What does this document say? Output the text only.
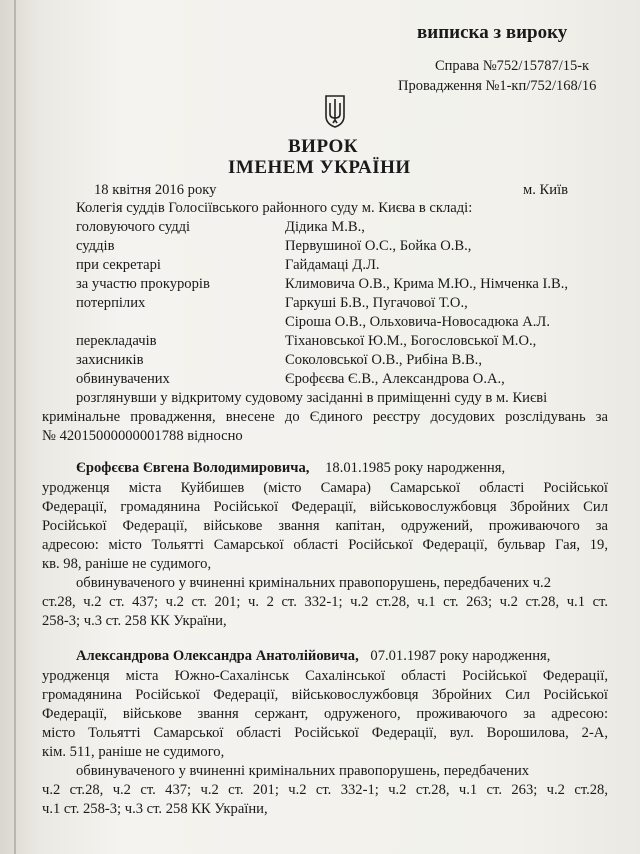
виписка з вироку
Справа №752/15787/15-к
Провадження №1-кп/752/168/16
ВИРОК
ІМЕНЕМ УКРАЇНИ
18 квітня 2016 року	м. Київ
Колегія суддів Голосіївського районного суду м. Києва в складі:
головуючого судді	Дідика М.В.,
суддів	Первушиної О.С., Бойка О.В.,
при секретарі	Гайдамаці Д.Л.
за участю прокурорів	Климовича О.В., Крима М.Ю., Німченка І.В.,
потерпілих	Гаркуші Б.В., Пугачової Т.О.,
Сіроша О.В., Ольховича-Новосадюка А.Л.
перекладачів	Тіхановської Ю.М., Богословської М.О.,
захисників	Соколовської О.В., Рибіна В.В.,
обвинувачених	Єрофєєва Є.В., Александрова О.А.,
розглянувши у відкритому судовому засіданні в приміщенні суду в м. Києві
кримінальне провадження, внесене до Єдиного реєстру досудових розслідувань за
№ 42015000000001788 відносно
Єрофєєва Євгена Володимировича, 18.01.1985 року народження,
уродженця міста Куйбишев (місто Самара) Самарської області Російської
Федерації, громадянина Російської Федерації, військовослужбовця Збройних Сил
Російської Федерації, військове звання капітан, одружений, проживаючого за
адресою: місто Тольятті Самарської області Російської Федерації, бульвар Гая, 19,
кв. 98, раніше не судимого,
обвинуваченого у вчиненні кримінальних правопорушень, передбачених ч.2
ст.28, ч.2 ст. 437; ч.2 ст. 201; ч. 2 ст. 332-1; ч.2 ст.28, ч.1 ст. 263; ч.2 ст.28, ч.1 ст.
258-3; ч.3 ст. 258 КК України,
Александрова Олександра Анатолійовича, 07.01.1987 року народження,
уродженця міста Южно-Сахалінськ Сахалінської області Російської Федерації,
громадянина Російської Федерації, військовослужбовця Збройних Сил Російської
Федерації, військове звання сержант, одруженого, проживаючого за адресою:
місто Тольятті Самарської області Російської Федерації, вул. Ворошилова, 2-А,
кім. 511, раніше не судимого,
обвинуваченого у вчиненні кримінальних правопорушень, передбачених
ч.2 ст.28, ч.2 ст. 437; ч.2 ст. 201; ч.2 ст. 332-1; ч.2 ст.28, ч.1 ст. 263; ч.2 ст.28,
ч.1 ст. 258-3; ч.3 ст. 258 КК України,
